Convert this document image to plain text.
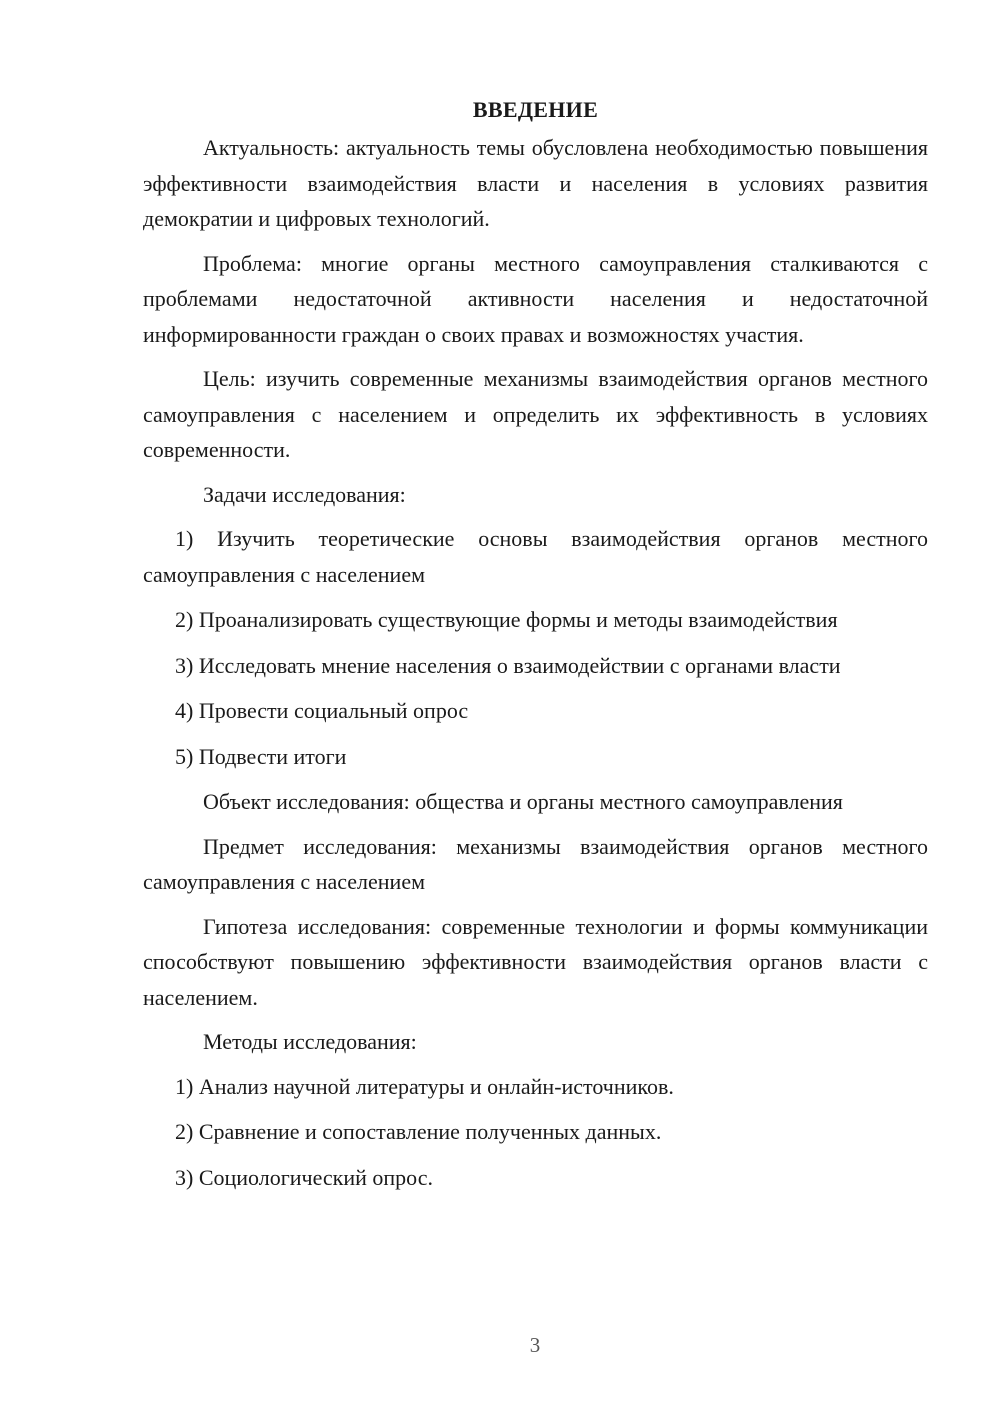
ВВЕДЕНИЕ

Актуальность: актуальность темы обусловлена необходимостью повышения эффективности взаимодействия власти и населения в условиях развития демократии и цифровых технологий.

Проблема: многие органы местного самоуправления сталкиваются с проблемами недостаточной активности населения и недостаточной информированности граждан о своих правах и возможностях участия.

Цель: изучить современные механизмы взаимодействия органов местного самоуправления с населением и определить их эффективность в условиях современности.

Задачи исследования:

1) Изучить теоретические основы взаимодействия органов местного самоуправления с населением

2) Проанализировать существующие формы и методы взаимодействия

3) Исследовать мнение населения о взаимодействии с органами власти

4) Провести социальный опрос

5) Подвести итоги

Объект исследования: общества и органы местного самоуправления

Предмет исследования: механизмы взаимодействия органов местного самоуправления с населением

Гипотеза исследования: современные технологии и формы коммуникации способствуют повышению эффективности взаимодействия органов власти с населением.

Методы исследования:

1) Анализ научной литературы и онлайн-источников.

2) Сравнение и сопоставление полученных данных.

3) Социологический опрос.

3
